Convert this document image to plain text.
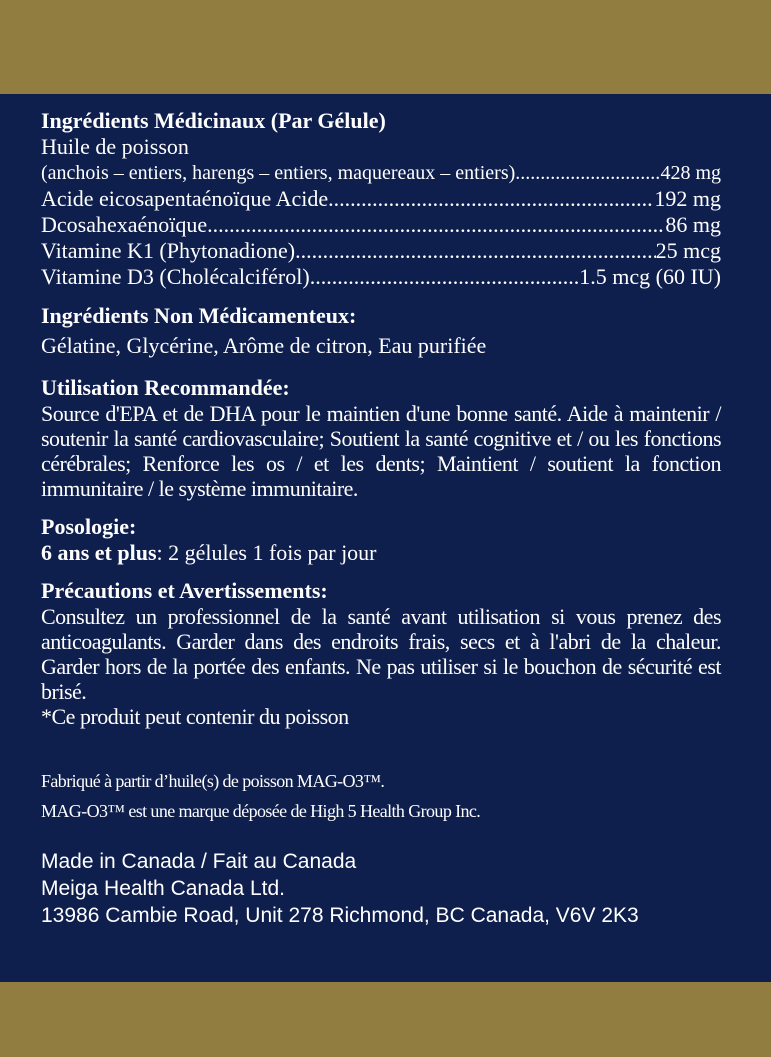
Ingrédients Médicinaux (Par Gélule)
Huile de poisson
(anchois – entiers, harengs – entiers, maquereaux – entiers) .....	428 mg
Acide eicosapentaénoïque Acide .....	192 mg
Dcosahexaénoïque .....	86 mg
Vitamine K1 (Phytonadione) .....	25 mcg
Vitamine D3 (Cholécalciférol) .....	1.5 mcg (60 IU)
Ingrédients Non Médicamenteux:
Gélatine, Glycérine, Arôme de citron, Eau purifiée
Utilisation Recommandée:
Source d'EPA et de DHA pour le maintien d'une bonne santé. Aide à maintenir / soutenir la santé cardiovasculaire; Soutient la santé cognitive et / ou les fonctions cérébrales; Renforce les os / et les dents; Maintient / soutient la fonction immunitaire / le système immunitaire.
Posologie:
6 ans et plus: 2 gélules 1 fois par jour
Précautions et Avertissements:
Consultez un professionnel de la santé avant utilisation si vous prenez des anticoagulants. Garder dans des endroits frais, secs et à l'abri de la chaleur. Garder hors de la portée des enfants. Ne pas utiliser si le bouchon de sécurité est brisé.
*Ce produit peut contenir du poisson
Fabriqué à partir d’huile(s) de poisson MAG-O3™.
MAG-O3™ est une marque déposée de High 5 Health Group Inc.
Made in Canada / Fait au Canada
Meiga Health Canada Ltd.
13986 Cambie Road, Unit 278 Richmond, BC Canada, V6V 2K3
